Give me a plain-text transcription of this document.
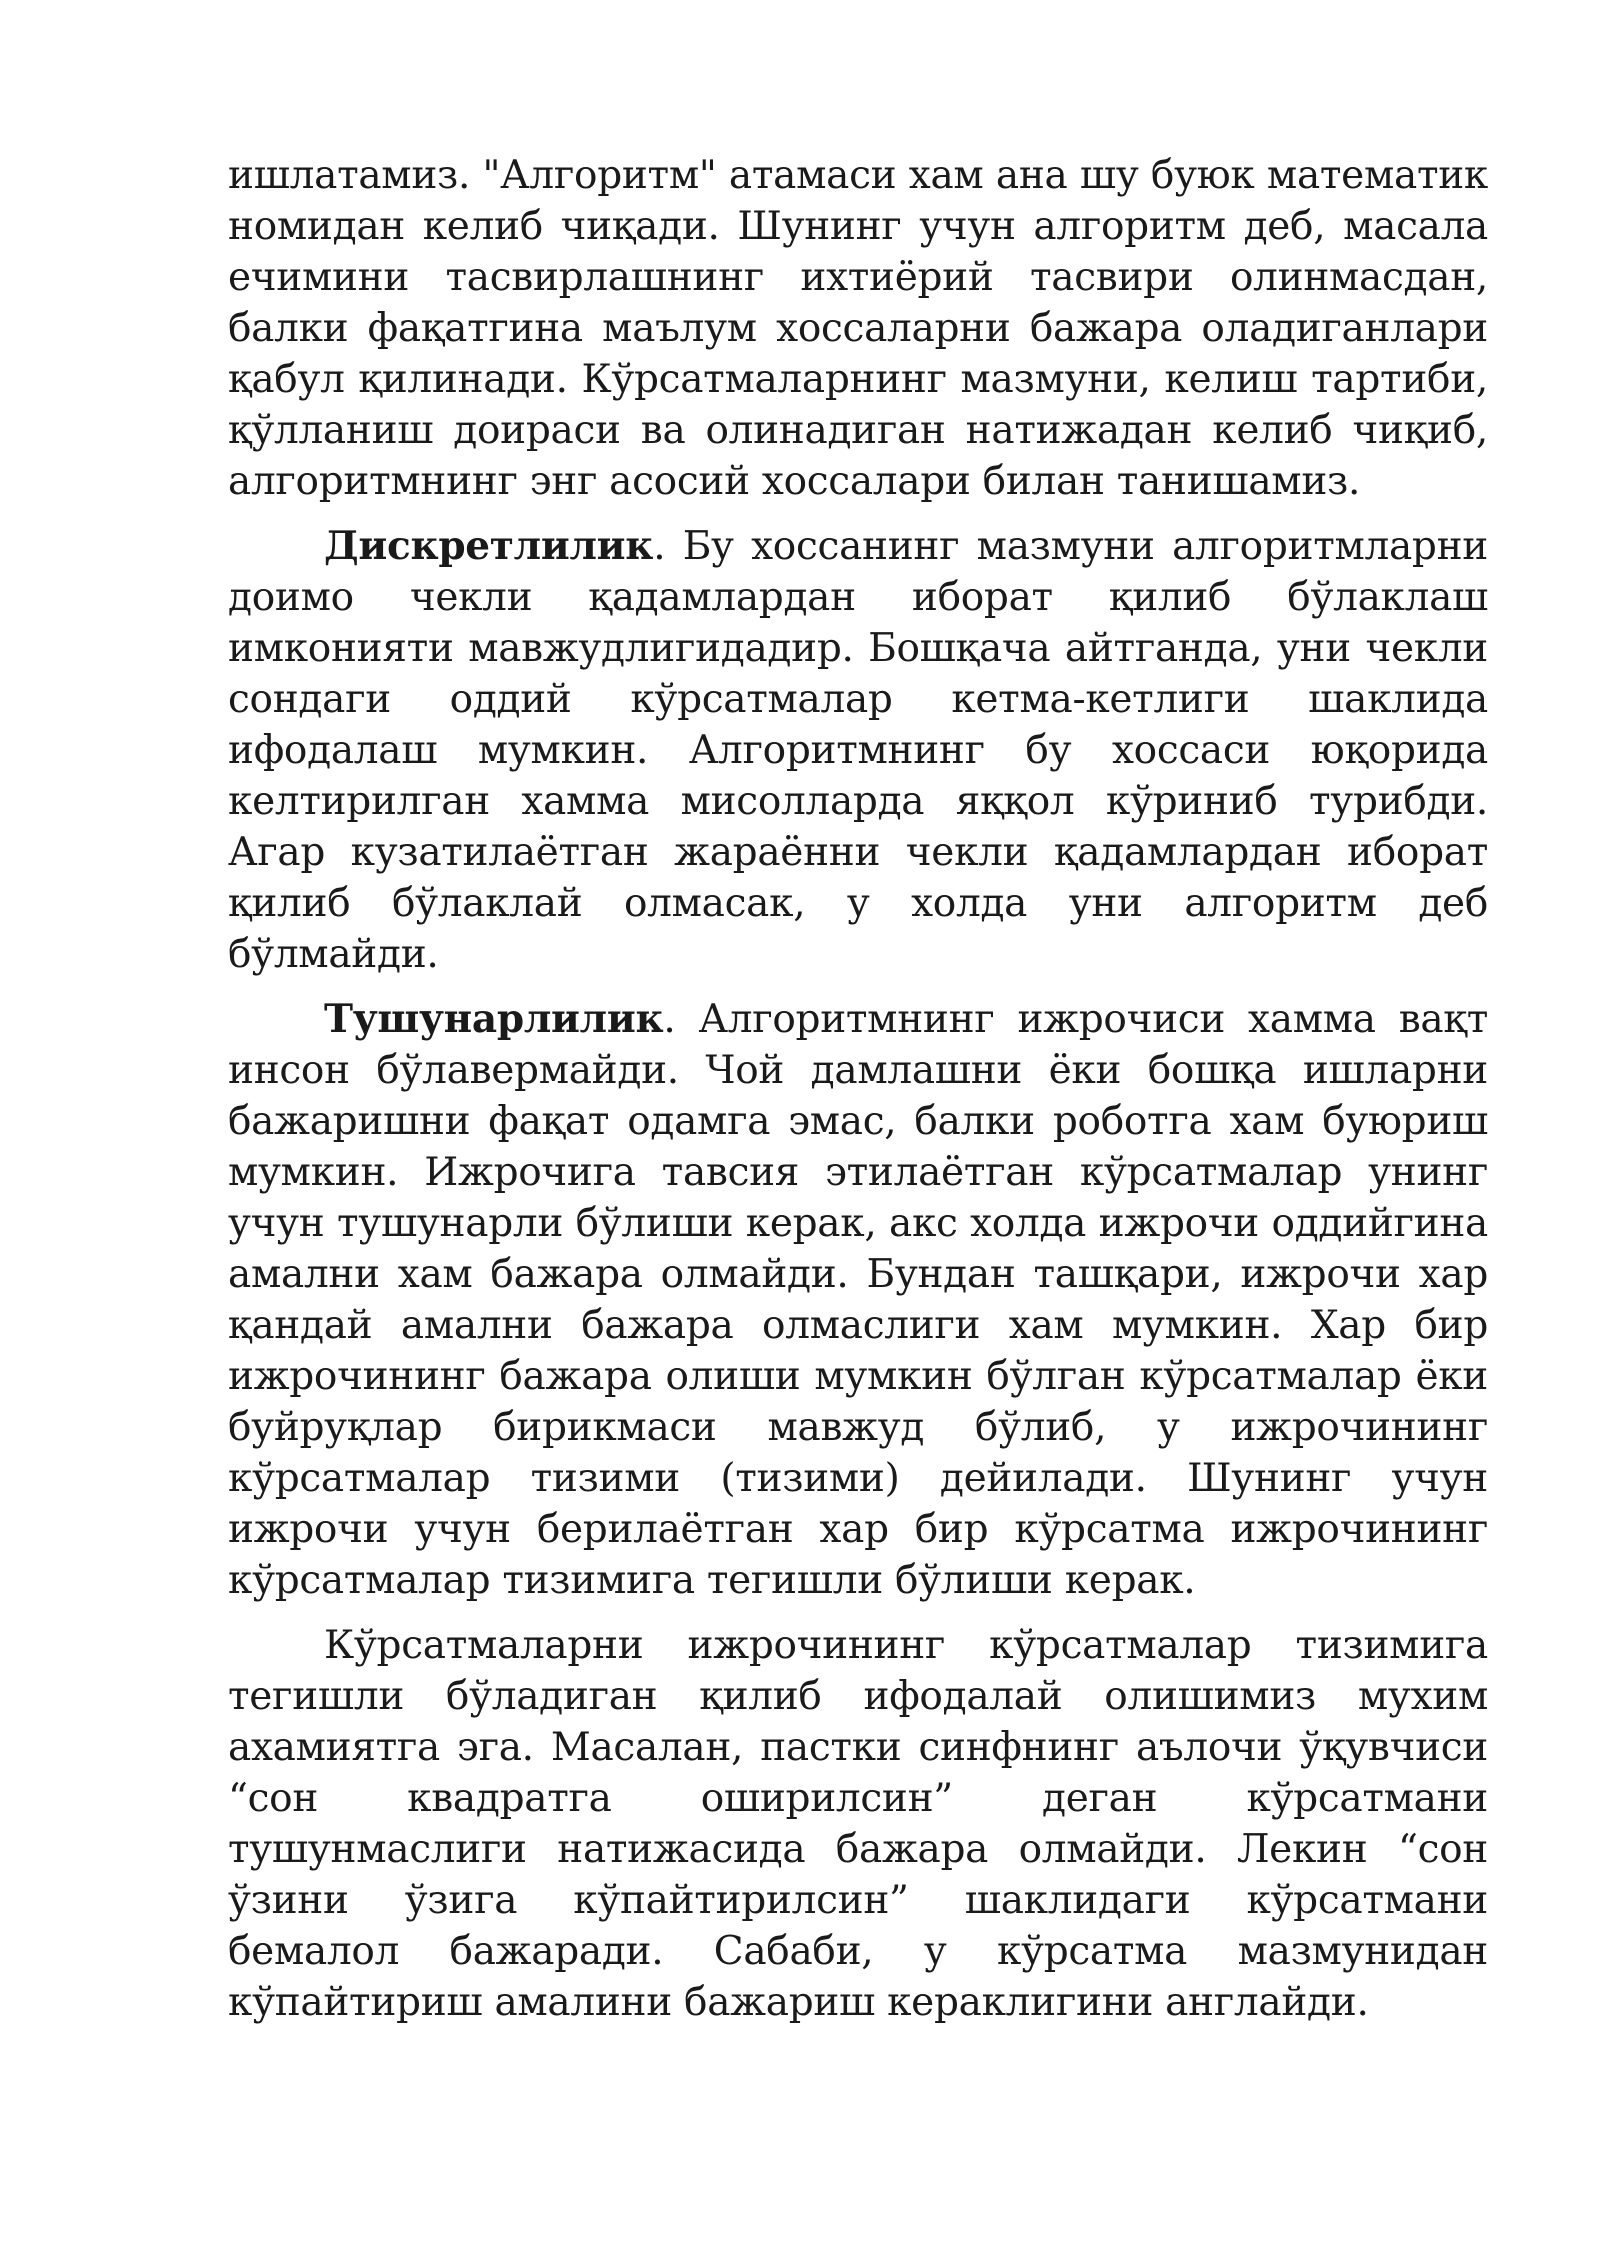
ишлатамиз. "Алгоритм" атамаси хам ана шу буюк математик номидан келиб чиқади. Шунинг учун алгоритм деб, масала ечимини тасвирлашнинг ихтиёрий тасвири олинмасдан, балки фақатгина маълум хоссаларни бажара оладиганлари қабул қилинади. Кўрсатмаларнинг мазмуни, келиш тартиби, қўлланиш доираси ва олинадиган натижадан келиб чиқиб, алгоритмнинг энг асосий хоссалари билан танишамиз.

Дискретлилик. Бу хоссанинг мазмуни алгоритмларни доимо чекли қадамлардан иборат қилиб бўлаклаш имконияти мавжудлигидадир. Бошқача айтганда, уни чекли сондаги оддий кўрсатмалар кетма-кетлиги шаклида ифодалаш мумкин. Алгоритмнинг бу хоссаси юқорида келтирилган хамма мисолларда яққол кўриниб турибди. Агар кузатилаётган жараённи чекли қадамлардан иборат қилиб бўлаклай олмасак, у холда уни алгоритм деб бўлмайди.

Тушунарлилик. Алгоритмнинг ижрочиси хамма вақт инсон бўлавермайди. Чой дамлашни ёки бошқа ишларни бажаришни фақат одамга эмас, балки роботга хам буюриш мумкин. Ижрочига тавсия этилаётган кўрсатмалар унинг учун тушунарли бўлиши керак, акс холда ижрочи оддийгина амални хам бажара олмайди. Бундан ташқари, ижрочи хар қандай амални бажара олмаслиги хам мумкин. Хар бир ижрочининг бажара олиши мумкин бўлган кўрсатмалар ёки буйруқлар бирикмаси мавжуд бўлиб, у ижрочининг кўрсатмалар тизими (тизими) дейилади. Шунинг учун ижрочи учун берилаётган хар бир кўрсатма ижрочининг кўрсатмалар тизимига тегишли бўлиши керак.

Кўрсатмаларни ижрочининг кўрсатмалар тизимига тегишли бўладиган қилиб ифодалай олишимиз мухим ахамиятга эга. Масалан, пастки синфнинг аълочи ўқувчиси “сон квадратга оширилсин” деган кўрсатмани тушунмаслиги натижасида бажара олмайди. Лекин “сон ўзини ўзига кўпайтирилсин” шаклидаги кўрсатмани бемалол бажаради. Сабаби, у кўрсатма мазмунидан кўпайтириш амалини бажариш кераклигини англайди.
